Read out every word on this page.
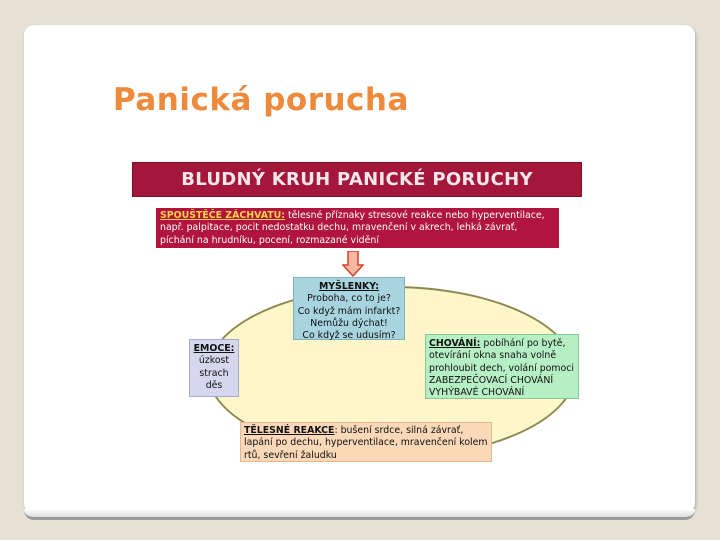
Panická porucha
BLUDNÝ KRUH PANICKÉ PORUCHY
SPOUŠTĚČE ZÁCHVATU: tělesné příznaky stresové reakce nebo hyperventilace,
např. palpitace, pocit nedostatku dechu, mravenčení v akrech, lehká závrať,
píchání na hrudníku, pocení, rozmazané vidění
MYŠLENKY:
Proboha, co to je?
Co když mám infarkt?
Nemůžu dýchat!
Co když se udusím?
EMOCE:
úzkost
strach
děs
CHOVÁNÍ: pobíhání po bytě,
otevírání okna snaha volně
prohloubit dech, volání pomoci
ZABEZPEČOVACÍ CHOVÁNÍ
VYHÝBAVÉ CHOVÁNÍ
TĚLESNÉ REAKCE: bušení srdce, silná závrať,
lapání po dechu, hyperventilace, mravenčení kolem
rtů, sevření žaludku
